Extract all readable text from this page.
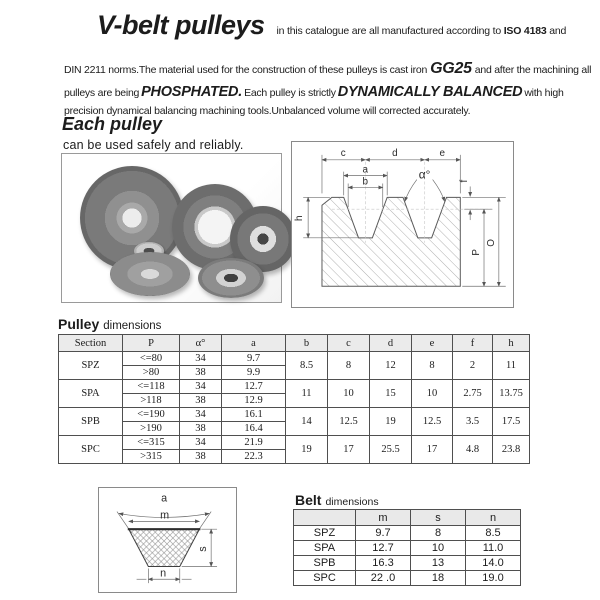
V-belt pulleys in this catalogue are all manufactured according to ISO 4183 and
DIN 2211 norms.The material used for the construction of these pulleys is cast iron GG25 and after the machining all
pulleys are being PHOSPHATED. Each pulley is strictly DYNAMICALLY BALANCED with high
precision dynamical balancing machining tools.Unbalanced volume will corrected accurately.
Each pulley
can be used safely and reliably.
c	d	e
a
b
α°
h
f
P
O
Pulley dimensions
Section	P	α°	a	b	c	d	e	f	h
SPZ	<=80	34	9.7	8.5	8	12	8	2	11
	>80	38	9.9						
SPA	<=118	34	12.7	11	10	15	10	2.75	13.75
	>118	38	12.9						
SPB	<=190	34	16.1	14	12.5	19	12.5	3.5	17.5
	>190	38	16.4						
SPC	<=315	34	21.9	19	17	25.5	17	4.8	23.8
	>315	38	22.3						
a
m
s
n
Belt dimensions
	m	s	n
SPZ	9.7	8	8.5
SPA	12.7	10	11.0
SPB	16.3	13	14.0
SPC	22 .0	18	19.0
